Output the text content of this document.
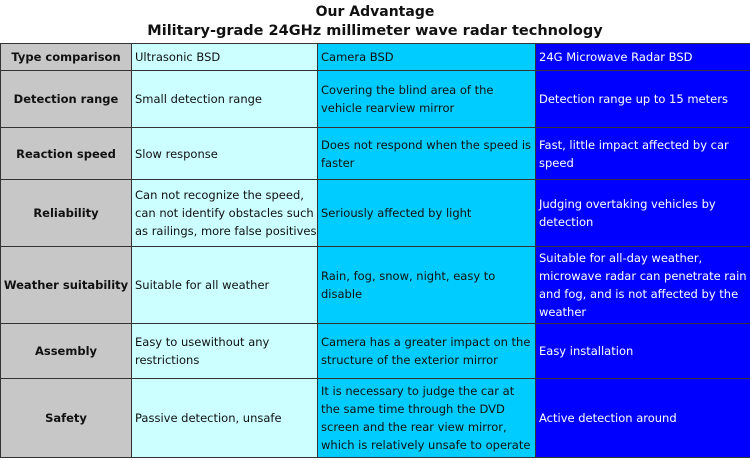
Our Advantage
Military-grade 24GHz millimeter wave radar technology
Type comparison	Ultrasonic BSD	Camera BSD	24G Microwave Radar BSD
Detection range	Small detection range	Covering the blind area of the vehicle rearview mirror	Detection range up to 15 meters
Reaction speed	Slow response	Does not respond when the speed is faster	Fast, little impact affected by car speed
Reliability	Can not recognize the speed, can not identify obstacles such as railings, more false positives	Seriously affected by light	Judging overtaking vehicles by detection
Weather suitability	Suitable for all weather	Rain, fog, snow, night, easy to disable	Suitable for all-day weather, microwave radar can penetrate rain and fog, and is not affected by the weather
Assembly	Easy to usewithout any restrictions	Camera has a greater impact on the structure of the exterior mirror	Easy installation
Safety	Passive detection, unsafe	It is necessary to judge the car at the same time through the DVD screen and the rear view mirror, which is relatively unsafe to operate	Active detection around
